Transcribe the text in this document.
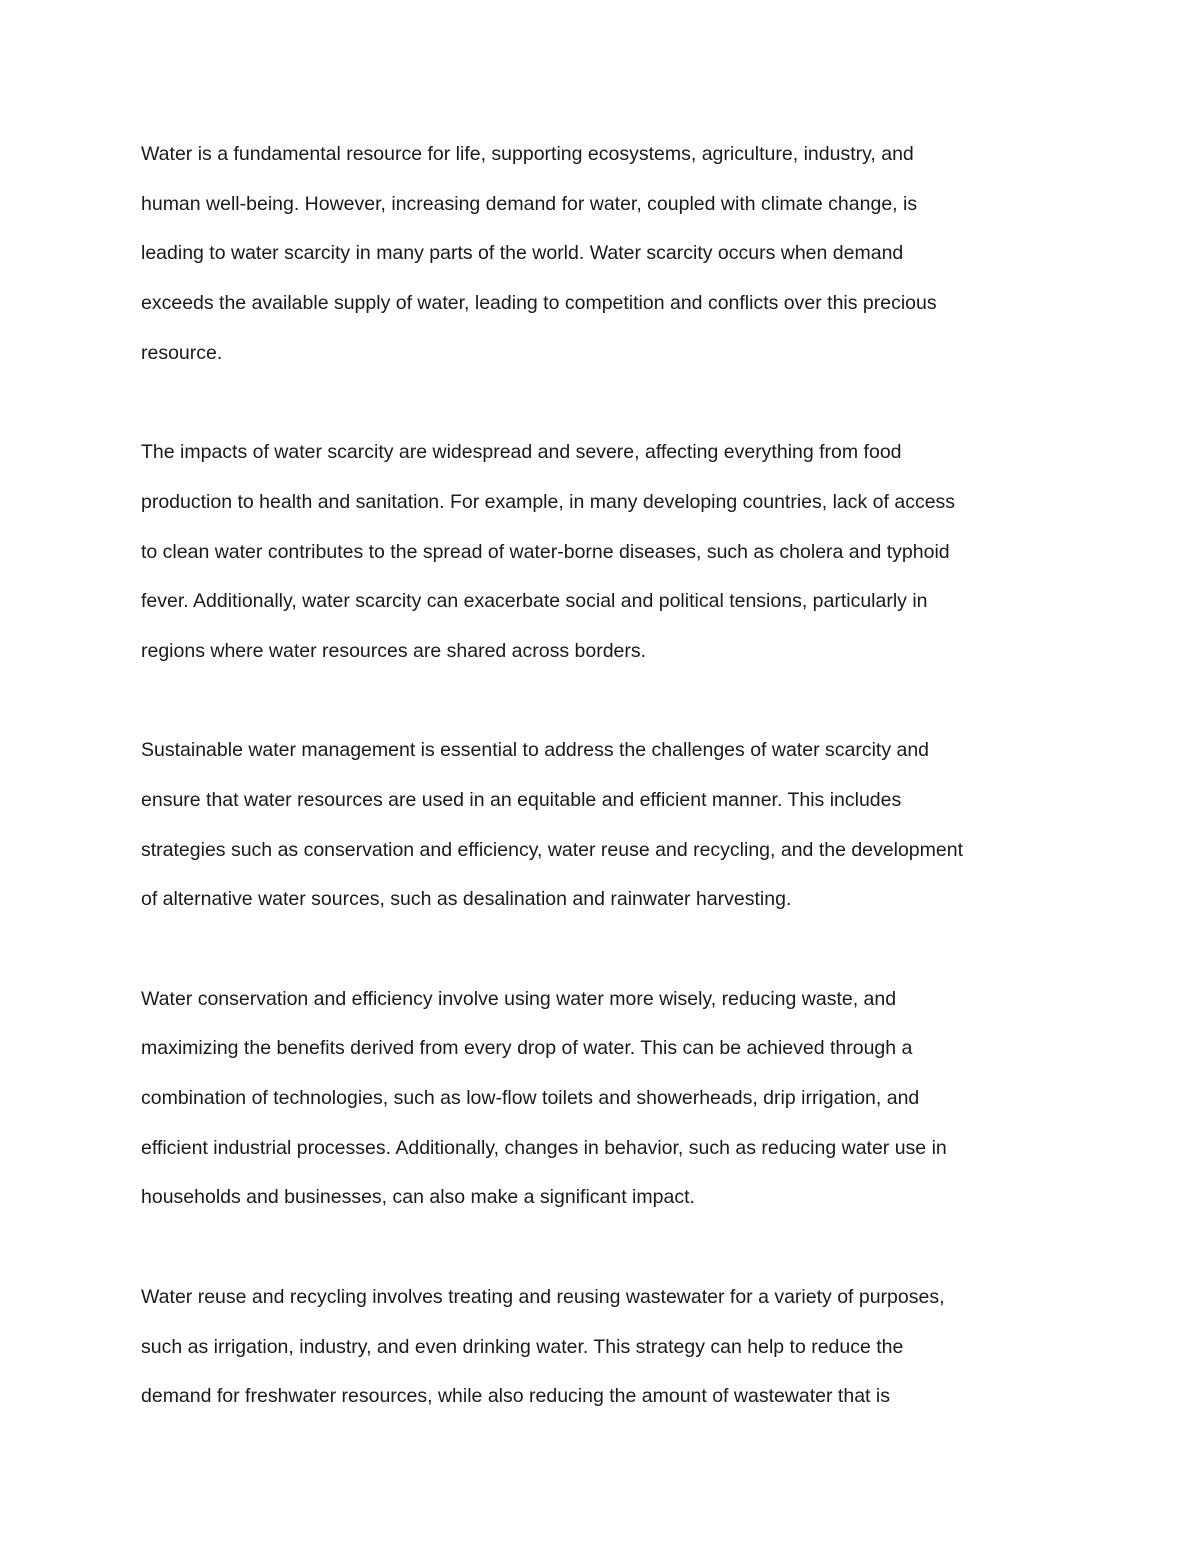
Water is a fundamental resource for life, supporting ecosystems, agriculture, industry, and
human well-being. However, increasing demand for water, coupled with climate change, is
leading to water scarcity in many parts of the world. Water scarcity occurs when demand
exceeds the available supply of water, leading to competition and conflicts over this precious
resource.

The impacts of water scarcity are widespread and severe, affecting everything from food
production to health and sanitation. For example, in many developing countries, lack of access
to clean water contributes to the spread of water-borne diseases, such as cholera and typhoid
fever. Additionally, water scarcity can exacerbate social and political tensions, particularly in
regions where water resources are shared across borders.

Sustainable water management is essential to address the challenges of water scarcity and
ensure that water resources are used in an equitable and efficient manner. This includes
strategies such as conservation and efficiency, water reuse and recycling, and the development
of alternative water sources, such as desalination and rainwater harvesting.

Water conservation and efficiency involve using water more wisely, reducing waste, and
maximizing the benefits derived from every drop of water. This can be achieved through a
combination of technologies, such as low-flow toilets and showerheads, drip irrigation, and
efficient industrial processes. Additionally, changes in behavior, such as reducing water use in
households and businesses, can also make a significant impact.

Water reuse and recycling involves treating and reusing wastewater for a variety of purposes,
such as irrigation, industry, and even drinking water. This strategy can help to reduce the
demand for freshwater resources, while also reducing the amount of wastewater that is
